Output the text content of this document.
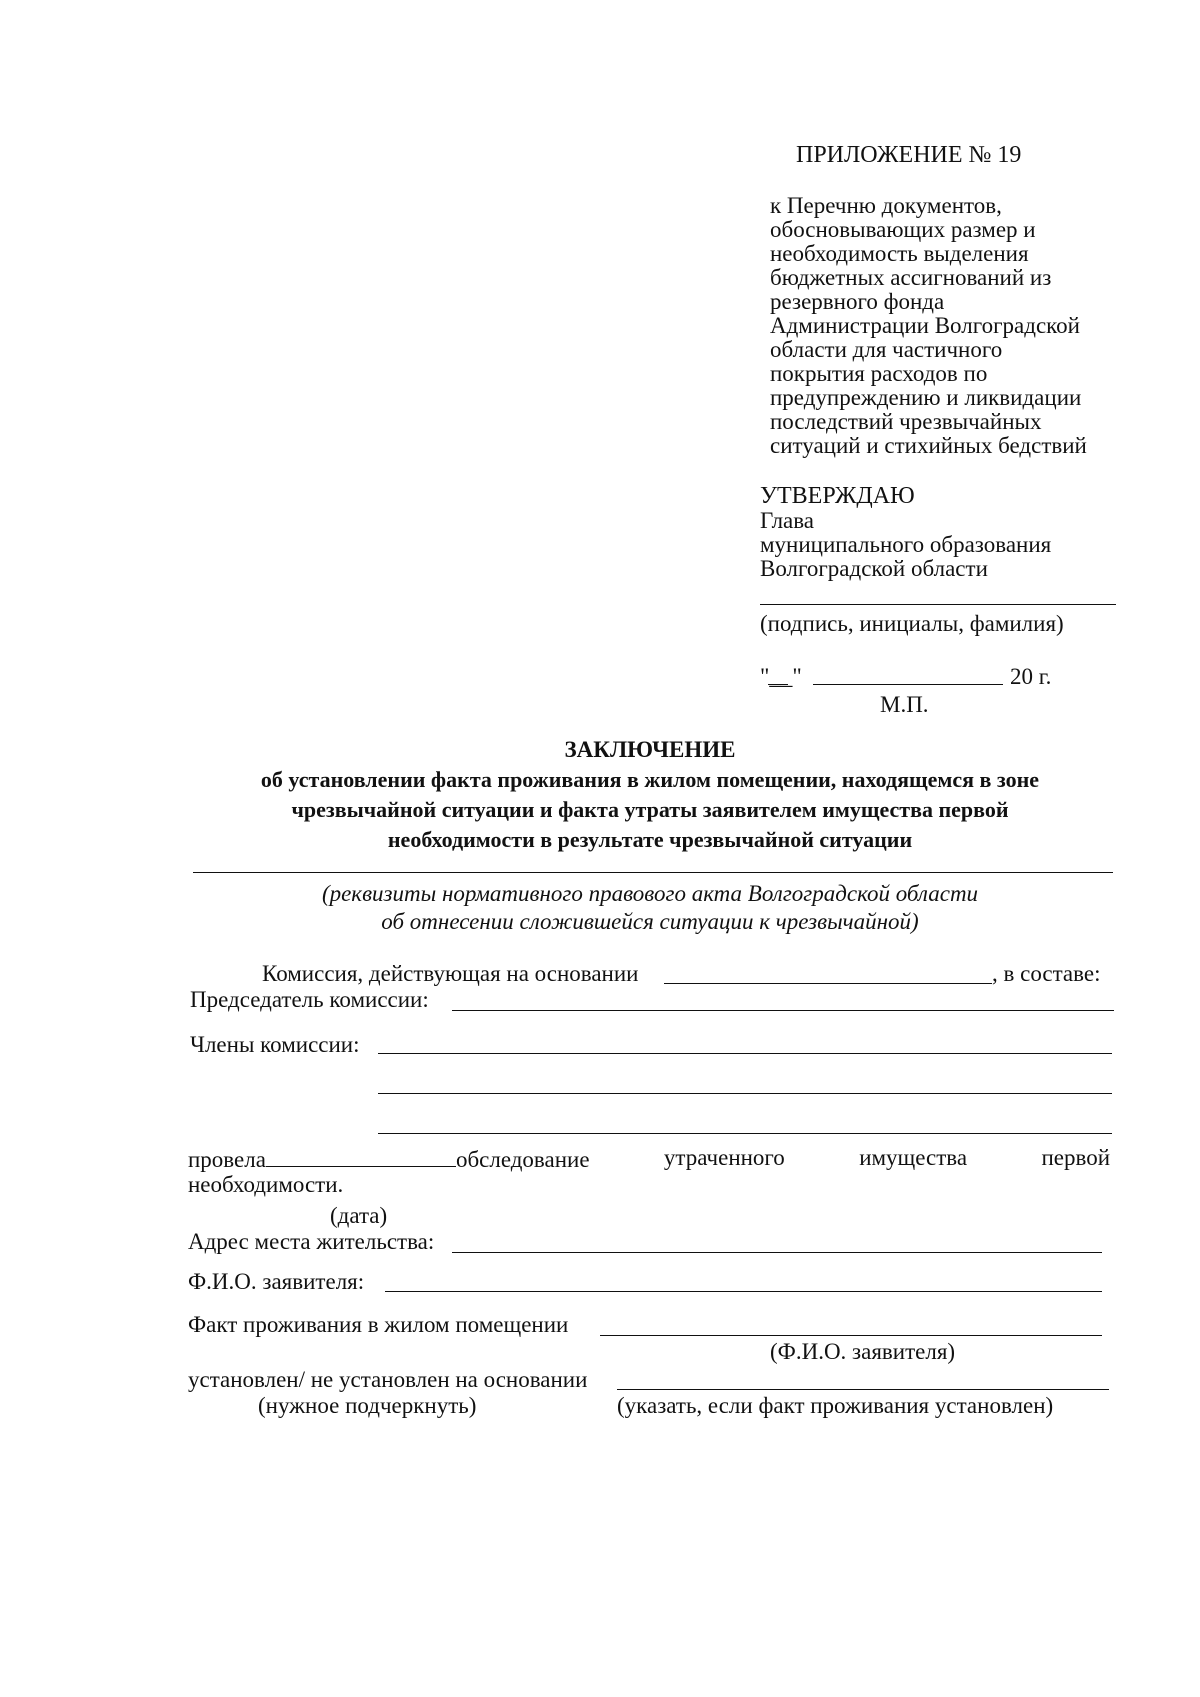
ПРИЛОЖЕНИЕ № 19
к Перечню документов,
обосновывающих размер и
необходимость выделения
бюджетных ассигнований из
резервного фонда
Администрации Волгоградской
области для частичного
покрытия расходов по
предупреждению и ликвидации
последствий чрезвычайных
ситуаций и стихийных бедствий
УТВЕРЖДАЮ
Глава
муниципального образования
Волгоградской области
(подпись, инициалы, фамилия)
"__"	20 г.
М.П.
ЗАКЛЮЧЕНИЕ
об установлении факта проживания в жилом помещении, находящемся в зоне
чрезвычайной ситуации и факта утраты заявителем имущества первой
необходимости в результате чрезвычайной ситуации
(реквизиты нормативного правового акта Волгоградской области
об отнесении сложившейся ситуации к чрезвычайной)
Комиссия, действующая на основании	, в составе:
Председатель комиссии:
Члены комиссии:
провела	обследование	утраченного	имущества	первой
необходимости.
(дата)
Адрес места жительства:
Ф.И.О. заявителя:
Факт проживания в жилом помещении
(Ф.И.О. заявителя)
установлен/ не установлен на основании
(нужное подчеркнуть)	(указать, если факт проживания установлен)
